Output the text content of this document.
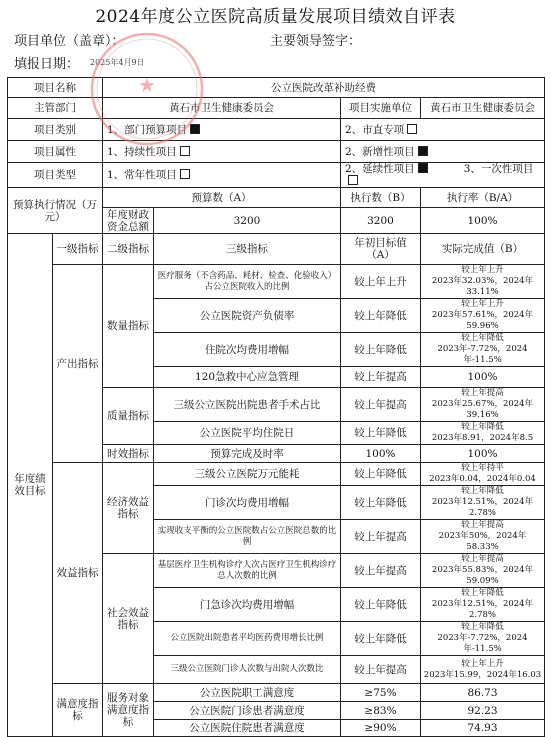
2024年度公立医院高质量发展项目绩效自评表
项目单位（盖章）：	主要领导签字：
填报日期： 2025年4月9日
项目名称		公立医院改革补助经费			
主管部门		黄石市卫生健康委员会		项目实施单位	黄石市卫生健康委员会
项目类别		1、部门预算项目		2、市直专项	
项目属性		1、持续性项目		2、新增性项目	
项目类型		1、常年性项目		2、延续性项目 3、一次性项目	
预算执行情况（万元）		预算数（A）		执行数（B）	执行率（B/A）
		年度财政资金总额	3200	3200	100%
年度绩效目标	一级指标	二级指标	三级指标	年初目标值（A）	实际完成值（B）
	产出指标	数量指标	医疗服务（不含药品、耗材、检查、化验收入）占公立医院收入的比例	较上年上升	较上年上升
2023年32.03%，2024年33.11%

			公立医院资产负债率	较上年降低	较上年上升
2023年57.61%，2024年59.96%

			住院次均费用增幅	较上年降低	较上年降低
2023年-7.72%，2024年-11.5%

			120急救中心应急管理	较上年提高	100%
		质量指标	三级公立医院出院患者手术占比	较上年提高	较上年提高
2023年25.67%，2024年39.16%

			公立医院平均住院日	较上年降低	较上年降低
2023年8.91，2024年8.5

		时效指标	预算完成及时率	100%	100%
	效益指标	经济效益指标	三级公立医院万元能耗	较上年降低	较上年持平
2023年0.04，2024年0.04

			门诊次均费用增幅	较上年降低	较上年降低
2023年12.51%，2024年2.78%

			实现收支平衡的公立医院数占公立医院总数的比例	较上年提高	较上年提高
2023年50%，2024年58.33%

		社会效益指标	基层医疗卫生机构诊疗人次占医疗卫生机构诊疗总人次数的比例	较上年提高	较上年提高
2023年55.83%，2024年59.09%

			门急诊次均费用增幅	较上年降低	较上年降低
2023年12.51%，2024年2.78%

			公立医院出院患者平均医药费用增长比例	较上年降低	较上年降低
2023年-7.72%，2024年-11.5%

			三级公立医院门诊人次数与出院人次数比	较上年提高	较上年上升
2023年15.99，2024年16.03

	满意度指标	服务对象满意度指标	公立医院职工满意度	≥75%	86.73
			公立医院门诊患者满意度	≥83%	92.23
			公立医院住院患者满意度	≥90%	74.93
★
